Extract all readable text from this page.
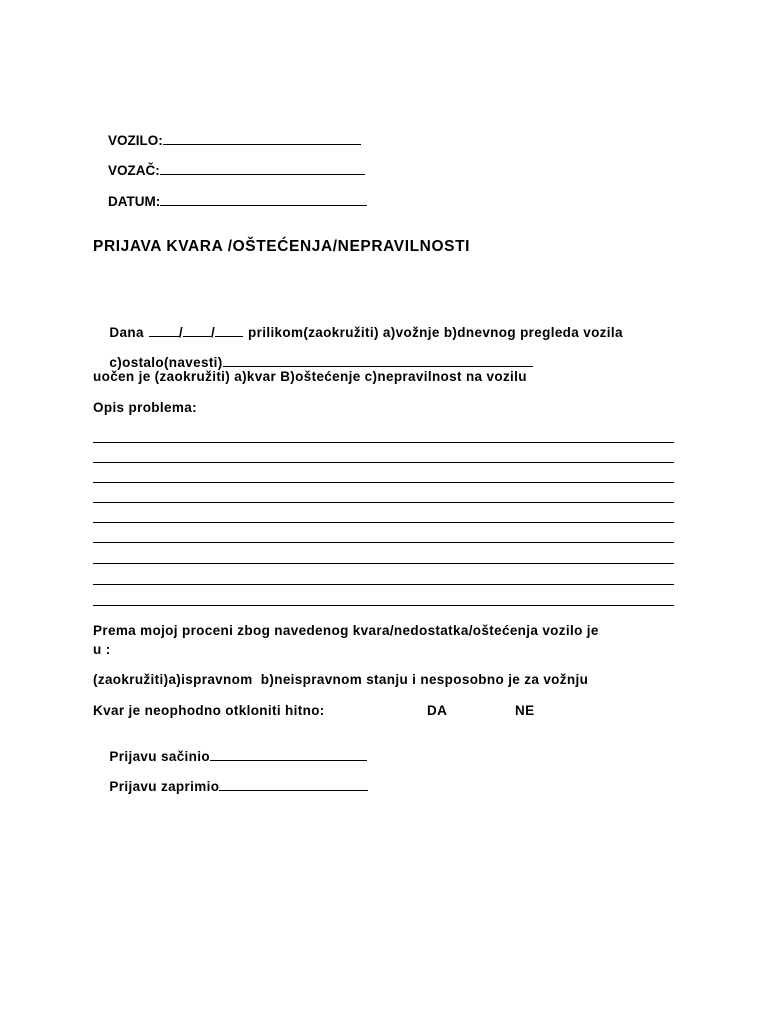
VOZILO:

VOZAČ:

DATUM:

PRIJAVA KVARA /OŠTEĆENJA/NEPRAVILNOSTI

Dana	/ / prilikom(zaokružiti) a)vožnje b)dnevnog pregleda vozila

c)ostalo(navesti)

uočen je (zaokružiti) a)kvar B)oštećenje c)nepravilnost na vozilu
Opis problema:
Prema mojoj proceni zbog navedenog kvara/nedostatka/oštećenja vozilo je
u :
(zaokružiti)a)ispravnom  b)neispravnom stanju i nesposobno je za vožnju
Kvar je neophodno otkloniti hitno:	DA	NE

Prijavu sačinio

Prijavu zaprimio
